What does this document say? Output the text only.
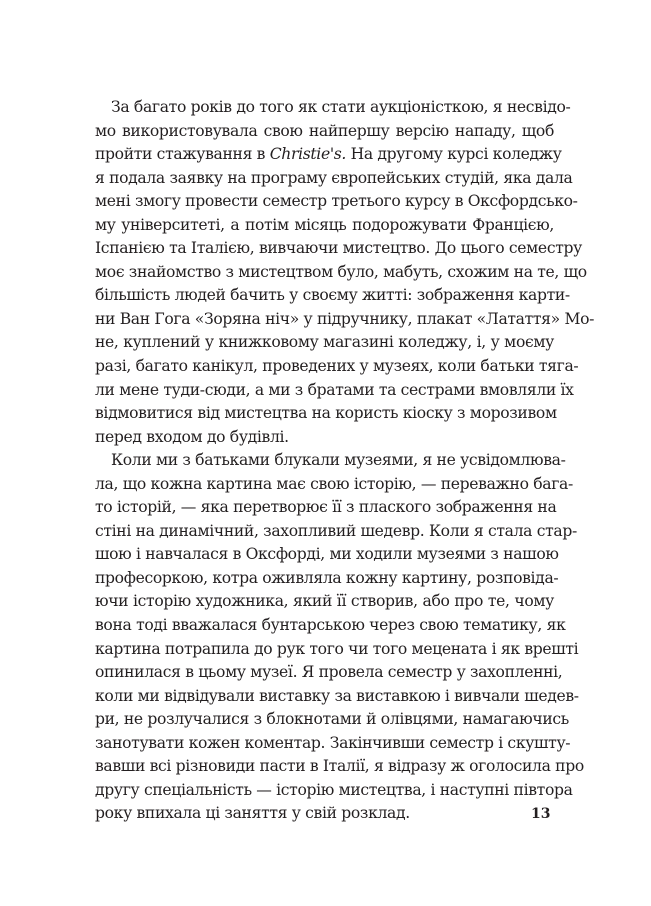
За багато років до того як стати аукціоністкою, я несвідо-
мо використовувала свою найпершу версію нападу, щоб
пройти стажування в Christie's. На другому курсі коледжу
я подала заявку на програму європейських студій, яка дала
мені змогу провести семестр третього курсу в Оксфордсько-
му університеті, а потім місяць подорожувати Францією,
Іспанією та Італією, вивчаючи мистецтво. До цього семестру
моє знайомство з мистецтвом було, мабуть, схожим на те, що
більшість людей бачить у своєму житті: зображення карти-
ни Ван Гога «Зоряна ніч» у підручнику, плакат «Латаття» Мо-
не, куплений у книжковому магазині коледжу, і, у моєму
разі, багато канікул, проведених у музеях, коли батьки тяга-
ли мене туди-сюди, а ми з братами та сестрами вмовляли їх
відмовитися від мистецтва на користь кіоску з морозивом
перед входом до будівлі.
Коли ми з батьками блукали музеями, я не усвідомлюва-
ла, що кожна картина має свою історію, — переважно бага-
то історій, — яка перетворює її з плаского зображення на
стіні на динамічний, захопливий шедевр. Коли я стала стар-
шою і навчалася в Оксфорді, ми ходили музеями з нашою
професоркою, котра оживляла кожну картину, розповіда-
ючи історію художника, який її створив, або про те, чому
вона тоді вважалася бунтарською через свою тематику, як
картина потрапила до рук того чи того мецената і як врешті
опинилася в цьому музеї. Я провела семестр у захопленні,
коли ми відвідували виставку за виставкою і вивчали шедев-
ри, не розлучалися з блокнотами й олівцями, намагаючись
занотувати кожен коментар. Закінчивши семестр і скушту-
вавши всі різновиди пасти в Італії, я відразу ж оголосила про
другу спеціальність — історію мистецтва, і наступні півтора
року впихала ці заняття у свій розклад.	13
